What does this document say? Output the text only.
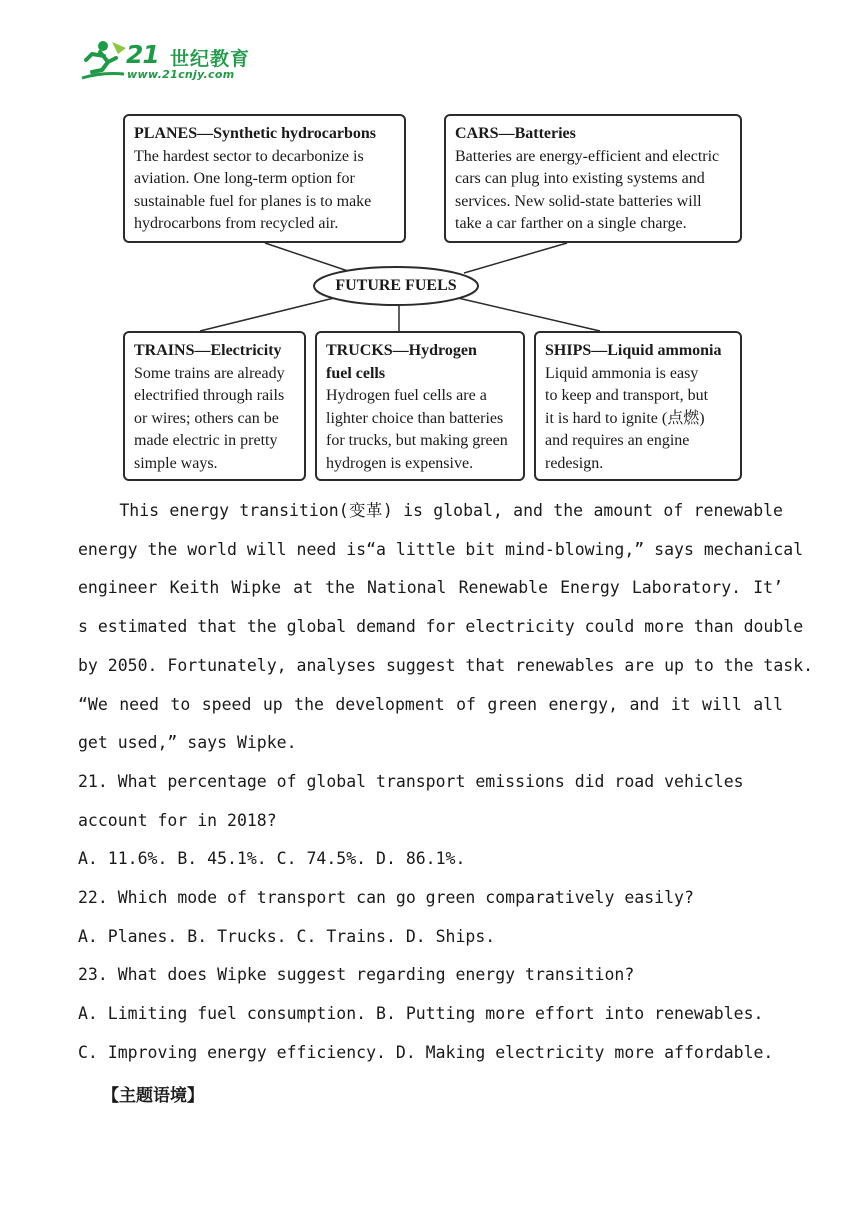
21 世纪教育
www.21cnjy.com
FUTURE FUELS
PLANES—Synthetic hydrocarbons
The hardest sector to decarbonize is
aviation. One long-term option for
sustainable fuel for planes is to make
hydrocarbons from recycled air.
CARS—Batteries
Batteries are energy-efficient and electric
cars can plug into existing systems and
services. New solid-state batteries will
take a car farther on a single charge.
TRAINS—Electricity
Some trains are already
electrified through rails
or wires; others can be
made electric in pretty
simple ways.
TRUCKS—Hydrogen
fuel cells
Hydrogen fuel cells are a
lighter choice than batteries
for trucks, but making green
hydrogen is expensive.
SHIPS—Liquid ammonia
Liquid ammonia is easy
to keep and transport, but
it is hard to ignite (点燃)
and requires an engine
redesign.

This energy transition(变革) is global, and the amount of renewable

energy the world will need is“a little bit mind-blowing,” says mechanical

engineer Keith Wipke at the National Renewable Energy Laboratory. It’

s estimated that the global demand for electricity could more than double

by 2050. Fortunately, analyses suggest that renewables are up to the task.

“We need to speed up the development of green energy, and it will all

get used,” says Wipke.

21. What percentage of global transport emissions did road vehicles

account for in 2018?

A. 11.6%. B. 45.1%. C. 74.5%. D. 86.1%.

22. Which mode of transport can go green comparatively easily?

A. Planes. B. Trucks. C. Trains. D. Ships.

23. What does Wipke suggest regarding energy transition?

A. Limiting fuel consumption. B. Putting more effort into renewables.

C. Improving energy efficiency. D. Making electricity more affordable.

【主题语境】
